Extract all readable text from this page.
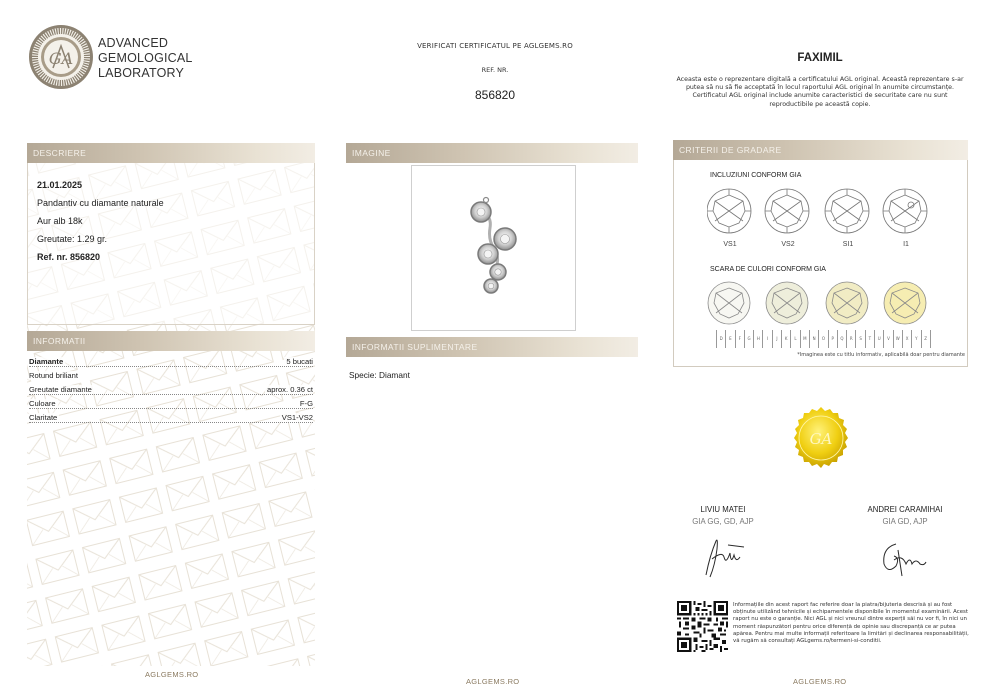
GA
ADVANCED
GEMOLOGICAL
LABORATORY
VERIFICATI CERTIFICATUL PE AGLGEMS.RO
REF. NR.
856820
FAXIMIL
Aceasta este o reprezentare digitală a certificatului AGL original. Această reprezentare s-ar putea să nu să fie acceptată în locul raportului AGL original în anumite circumstanțe. Certificatul AGL original include anumite caracteristici de securitate care nu sunt reproductibile pe această copie.
DESCRIERE
INFORMATII
21.01.2025
Pandantiv cu diamante naturale
Aur alb 18k
Greutate: 1.29 gr.
Ref. nr. 856820
Diamante	5 bucati
Rotund briliant
Greutate diamante	aprox. 0.36 ct
Culoare	F-G
Claritate	VS1-VS2
AGLGEMS.RO
IMAGINE
INFORMATII SUPLIMENTARE
Specie: Diamant
AGLGEMS.RO
CRITERII DE GRADARE
INCLUZIUNI CONFORM GIA
VS1	VS2	SI1	I1
SCARA DE CULORI CONFORM GIA
D	E	F	G	H	I	J	K	L	M	N	O	P	Q	R	S	T	U	V	W	X	Y	Z
*Imaginea este cu titlu informativ, aplicabilă doar pentru diamante
GA
LIVIU MATEI
GIA GG, GD, AJP
ANDREI CARAMIHAI
GIA GD, AJP
Informațiile din acest raport fac referire doar la piatra/bijuteria descrisă și au fost obținute utilizând tehnicile și echipamentele disponibile în momentul examinării. Acest raport nu este o garanție. Nici AGL și nici vreunul dintre experții săi nu vor fi, în nici un moment răspunzători pentru orice diferență de opinie sau discrepanță ce ar putea apărea. Pentru mai multe informații referitoare la limitări și declinarea responsabilității, vă rugăm să consultați AGLgems.ro/termeni-si-conditii.
AGLGEMS.RO
